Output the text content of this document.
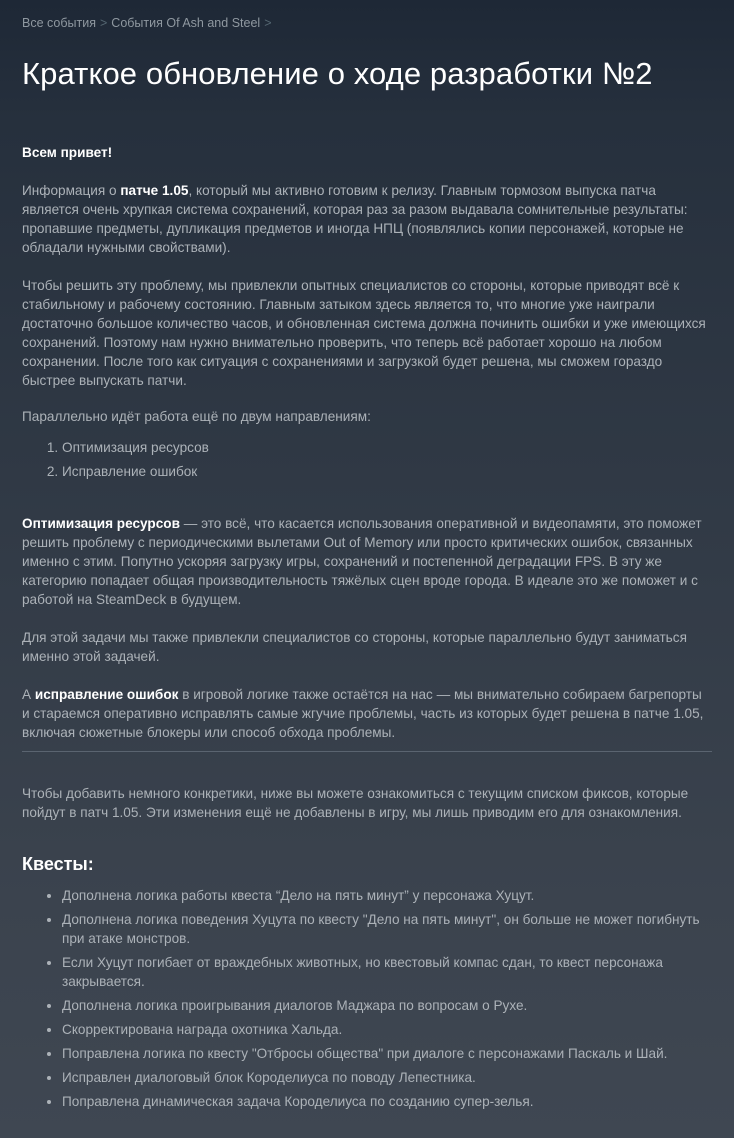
Все события > События Of Ash and Steel >
Краткое обновление о ходе разработки №2

Всем привет!

Информация о патче 1.05, который мы активно готовим к релизу. Главным тормозом выпуска патча является очень хрупкая система сохранений, которая раз за разом выдавала сомнительные результаты: пропавшие предметы, дупликация предметов и иногда НПЦ (появлялись копии персонажей, которые не обладали нужными свойствами).

Чтобы решить эту проблему, мы привлекли опытных специалистов со стороны, которые приводят всё к стабильному и рабочему состоянию. Главным затыком здесь является то, что многие уже наиграли достаточно большое количество часов, и обновленная система должна починить ошибки и уже имеющихся сохранений. Поэтому нам нужно внимательно проверить, что теперь всё работает хорошо на любом сохранении. После того как ситуация с сохранениями и загрузкой будет решена, мы сможем гораздо быстрее выпускать патчи.

Параллельно идёт работа ещё по двум направлениям:

1. Оптимизация ресурсов
2. Исправление ошибок

Оптимизация ресурсов — это всё, что касается использования оперативной и видеопамяти, это поможет решить проблему с периодическими вылетами Out of Memory или просто критических ошибок, связанных именно с этим. Попутно ускоряя загрузку игры, сохранений и постепенной деградации FPS. В эту же категорию попадает общая производительность тяжёлых сцен вроде города. В идеале это же поможет и с работой на SteamDeck в будущем.

Для этой задачи мы также привлекли специалистов со стороны, которые параллельно будут заниматься именно этой задачей.

А исправление ошибок в игровой логике также остаётся на нас — мы внимательно собираем багрепорты и стараемся оперативно исправлять самые жгучие проблемы, часть из которых будет решена в патче 1.05, включая сюжетные блокеры или способ обхода проблемы.

Чтобы добавить немного конкретики, ниже вы можете ознакомиться с текущим списком фиксов, которые пойдут в патч 1.05. Эти изменения ещё не добавлены в игру, мы лишь приводим его для ознакомления.

Квесты:
• Дополнена логика работы квеста “Дело на пять минут” у персонажа Хуцут.
• Дополнена логика поведения Хуцута по квесту "Дело на пять минут", он больше не может погибнуть при атаке монстров.
• Если Хуцут погибает от враждебных животных, но квестовый компас сдан, то квест персонажа закрывается.
• Дополнена логика проигрывания диалогов Маджара по вопросам о Рухе.
• Скорректирована награда охотника Хальда.
• Поправлена логика по квесту "Отбросы общества" при диалоге с персонажами Паскаль и Шай.
• Исправлен диалоговый блок Короделиуса по поводу Лепестника.
• Поправлена динамическая задача Короделиуса по созданию супер-зелья.
